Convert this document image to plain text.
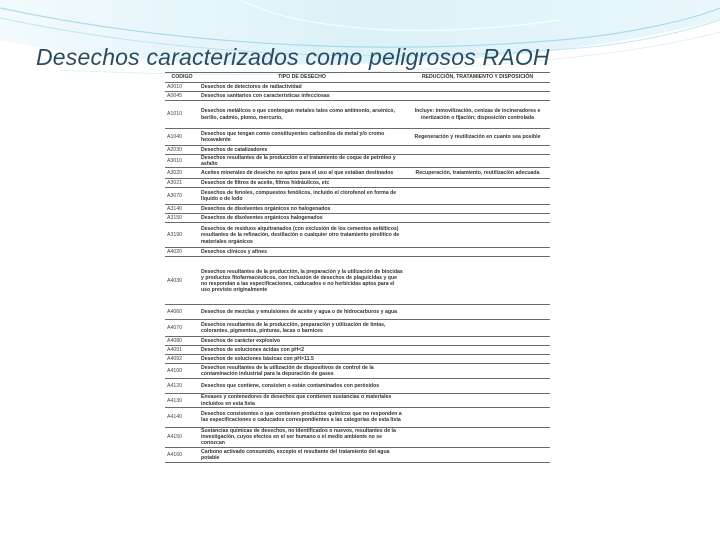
Desechos caracterizados como peligrosos RAOH
CODIGO	TIPO DE DESECHO	REDUCCIÓN, TRATAMIENTO Y DISPOSICIÓN
A0010	Desechos de detectores de radiactividad	
A0045	Desechos sanitarios con características infecciosas	
A1010	Desechos metálicos o que contengan metales tales como antimonio, arsénico, berilio, cadmio, plomo, mercurio,	Incluye: inmovilización, cenizas de incineradores e inertización o fijación; disposición controlada
A1040	Desechos que tengan como constituyentes carbonilos de metal y/o cromo hexavalente	Regeneración y reutilización en cuanto sea posible
A2030	Desechos de catalizadores	
A3010	Desechos resultantes de la producción o el tratamiento de coque de petróleo y asfalto	
A3020	Aceites minerales de desecho no aptos para el uso al que estaban destinados	Recuperación, tratamiento, reutilización adecuada
A3021	Desechos de filtros de aceite, filtros hidráulicos, etc	
A3070	Desechos de fenoles, compuestos fenólicos, incluido el clorofenol en forma de líquido o de lodo	
A3140	Desechos de disolventes orgánicos no halogenados	
A3150	Desechos de disolventes orgánicos halogenados	
A3190	Desechos de residuos alquitranados (con exclusión de los cementos asfálticos) resultantes de la refinación, destilación o cualquier otro tratamiento pirolítico de materiales orgánicos	
A4020	Desechos clínicos y afines	
A4030	Desechos resultantes de la producción, la preparación y la utilización de biocidas y productos fitofarmacéuticos, con inclusión de desechos de plaguicidas y que no respondan a las especificaciones, caducados o no herbicidas aptos para el uso previsto originalmente	
A4060	Desechos de mezclas y emulsiones de aceite y agua o de hidrocarburos y agua	
A4070	Desechos resultantes de la producción, preparación y utilización de tintas, colorantes, pigmentos, pinturas, lacas o barnices	
A4080	Desechos de carácter explosivo	
A4091	Desechos de soluciones ácidas con pH<2	
A4092	Desechos de soluciones básicas con pH>11.5	
A4100	Desechos resultantes de la utilización de dispositivos de control de la contaminación industrial para la depuración de gases	
A4120	Desechos que contiene, consisten o están contaminados con peróxidos	
A4130	Envases y contenedores de desechos que contienen sustancias o materiales incluidos en esta lista	
A4140	Desechos consistentes o que contienen productos químicos que no responden a las especificaciones o caducados correspondientes a las categorías de esta lista	
A4150	Sustancias químicas de desechos, no identificados o nuevos, resultantes de la investigación, cuyos efectos en el ser humano o el medio ambiente no se conozcan	
A4160	Carbono activado consumido, excepto el resultante del tratamiento del agua potable	
